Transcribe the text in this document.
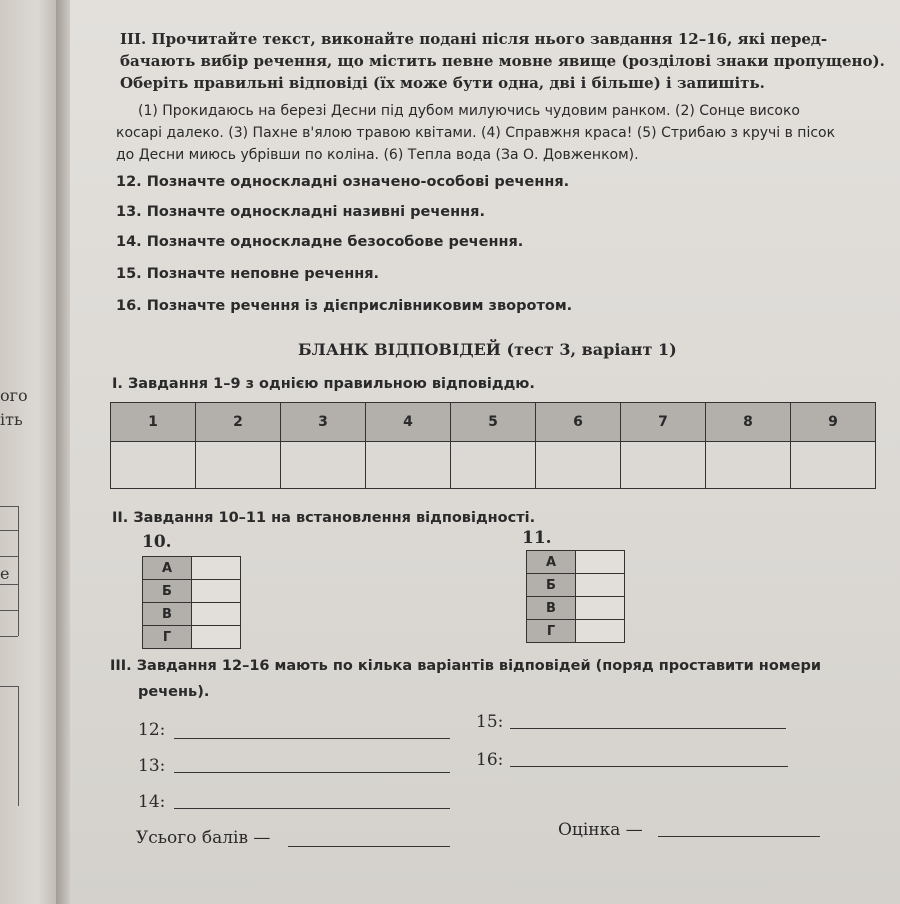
ого
іть
е
ІІІ. Прочитайте текст, виконайте подані після нього завдання 12–16, які перед-
бачають вибір речення, що містить певне мовне явище (розділові знаки пропущено).
Оберіть правильні відповіді (їх може бути одна, дві і більше) і запишіть.
(1) Прокидаюсь на березі Десни під дубом милуючись чудовим ранком. (2) Сонце високо
косарі далеко. (3) Пахне в'ялою травою квітами. (4) Справжня краса! (5) Стрибаю з кручі в пісок
до Десни миюсь убрівши по коліна. (6) Тепла вода (За О. Довженком).
12. Позначте односкладні означено-особові речення.
13. Позначте односкладні називні речення.
14. Позначте односкладне безособове речення.
15. Позначте неповне речення.
16. Позначте речення із дієприслівниковим зворотом.
БЛАНК ВІДПОВІДЕЙ (тест 3, варіант 1)
І. Завдання 1–9 з однією правильною відповіддю.
1	2	3	4	5	6	7	8	9

ІІ. Завдання 10–11 на встановлення відповідності.
10.	11.
А	
Б	
В	
Г	
А	
Б	
В	
Г	
ІІІ. Завдання 12–16 мають по кілька варіантів відповідей (поряд проставити номери
речень).
12:
13:
14:
15:
16:
Усього балів —	Оцінка —
